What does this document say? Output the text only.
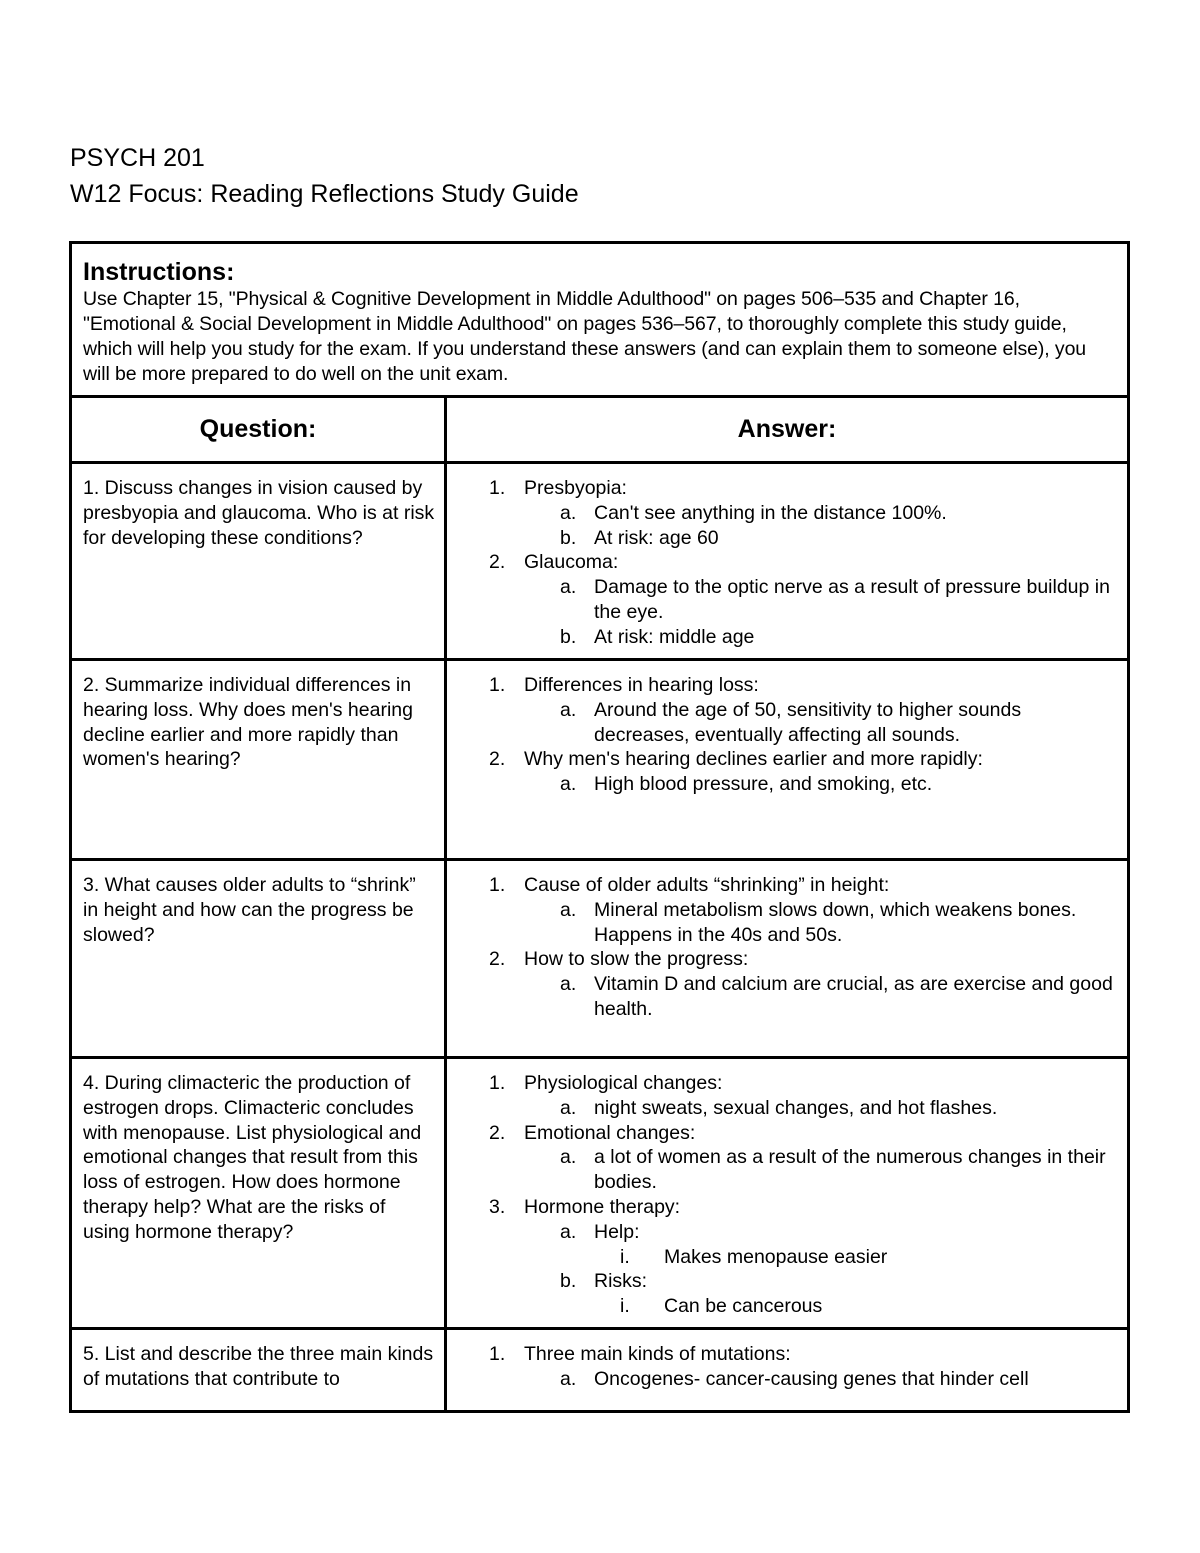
PSYCH 201
W12 Focus: Reading Reflections Study Guide
Instructions:
Use Chapter 15, "Physical & Cognitive Development in Middle Adulthood" on pages 506–535 and Chapter 16, "Emotional & Social Development in Middle Adulthood" on pages 536–567, to thoroughly complete this study guide, which will help you study for the exam. If you understand these answers (and can explain them to someone else), you will be more prepared to do well on the unit exam.
Question:	Answer:
1. Discuss changes in vision caused by presbyopia and glaucoma. Who is at risk for developing these conditions?
1. Presbyopia:
a. Can't see anything in the distance 100%.
b. At risk: age 60
2. Glaucoma:
a. Damage to the optic nerve as a result of pressure buildup in the eye.
b. At risk: middle age
2. Summarize individual differences in hearing loss. Why does men's hearing decline earlier and more rapidly than women's hearing?
1. Differences in hearing loss:
a. Around the age of 50, sensitivity to higher sounds decreases, eventually affecting all sounds.
2. Why men's hearing declines earlier and more rapidly:
a. High blood pressure, and smoking, etc.
3. What causes older adults to “shrink” in height and how can the progress be slowed?
1. Cause of older adults “shrinking” in height:
a. Mineral metabolism slows down, which weakens bones. Happens in the 40s and 50s.
2. How to slow the progress:
a. Vitamin D and calcium are crucial, as are exercise and good health.
4. During climacteric the production of estrogen drops. Climacteric concludes with menopause. List physiological and emotional changes that result from this loss of estrogen. How does hormone therapy help? What are the risks of using hormone therapy?
1. Physiological changes:
a. night sweats, sexual changes, and hot flashes.
2. Emotional changes:
a. a lot of women as a result of the numerous changes in their bodies.
3. Hormone therapy:
a. Help:
i. Makes menopause easier
b. Risks:
i. Can be cancerous
5. List and describe the three main kinds of mutations that contribute to
1. Three main kinds of mutations:
a. Oncogenes- cancer-causing genes that hinder cell
